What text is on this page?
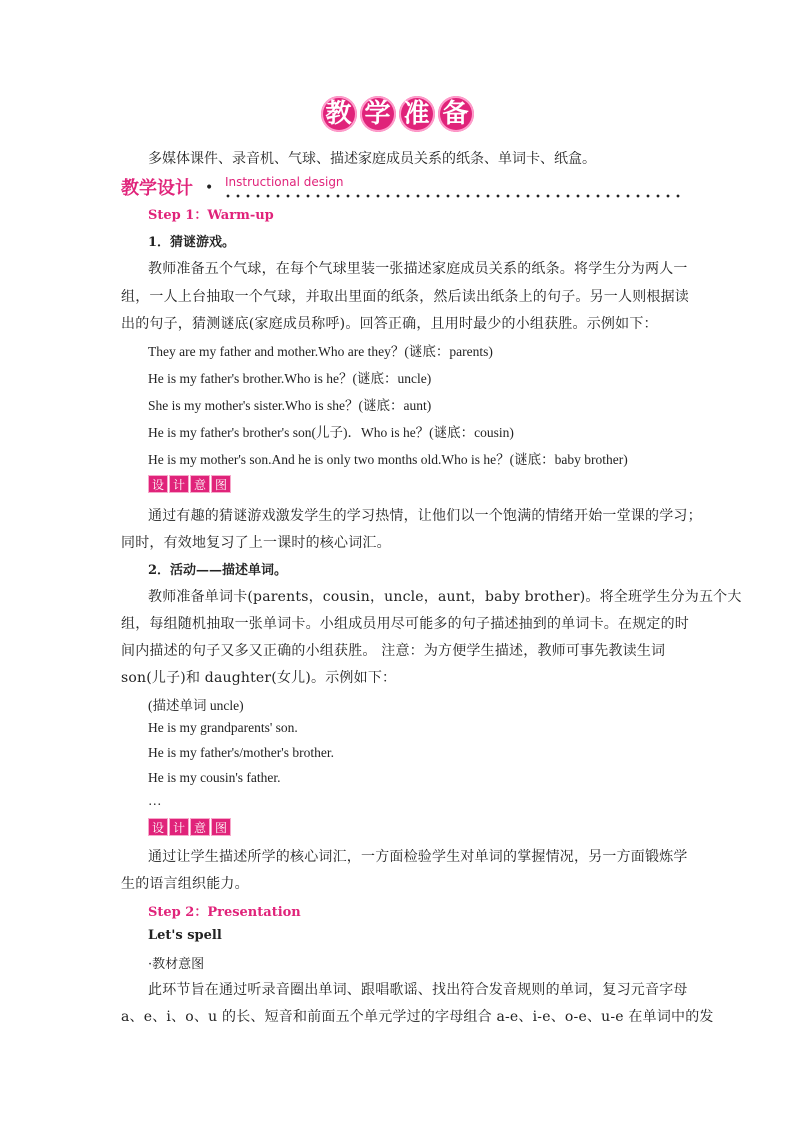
教 学 准 备
多媒体课件、录音机、气球、描述家庭成员关系的纸条、单词卡、纸盒。
教学设计 • Instructional design
Step 1：Warm-up
1．猜谜游戏。
教师准备五个气球，在每个气球里装一张描述家庭成员关系的纸条。将学生分为两人一
组，一人上台抽取一个气球，并取出里面的纸条，然后读出纸条上的句子。另一人则根据读
出的句子，猜测谜底(家庭成员称呼)。回答正确，且用时最少的小组获胜。示例如下：
They are my father and mother.Who are they？(谜底：parents)
He is my father's brother.Who is he？(谜底：uncle)
She is my mother's sister.Who is she？(谜底：aunt)
He is my father's brother's son(儿子)．Who is he？(谜底：cousin)
He is my mother's son.And he is only two months old.Who is he？(谜底：baby brother)
设 计 意 图
通过有趣的猜谜游戏激发学生的学习热情，让他们以一个饱满的情绪开始一堂课的学习；
同时，有效地复习了上一课时的核心词汇。
2．活动——描述单词。
教师准备单词卡(parents，cousin，uncle，aunt，baby brother)。将全班学生分为五个大
组，每组随机抽取一张单词卡。小组成员用尽可能多的句子描述抽到的单词卡。在规定的时
间内描述的句子又多又正确的小组获胜。 注意：为方便学生描述，教师可事先教读生词
son(儿子)和 daughter(女儿)。示例如下：
(描述单词 uncle)
He is my grandparents' son.
He is my father's/mother's brother.
He is my cousin's father.
…
设 计 意 图
通过让学生描述所学的核心词汇，一方面检验学生对单词的掌握情况，另一方面锻炼学
生的语言组织能力。
Step 2：Presentation
Let's spell
·教材意图
此环节旨在通过听录音圈出单词、跟唱歌谣、找出符合发音规则的单词，复习元音字母
a、e、i、o、u 的长、短音和前面五个单元学过的字母组合 a-e、i-e、o-e、u-e 在单词中的发
